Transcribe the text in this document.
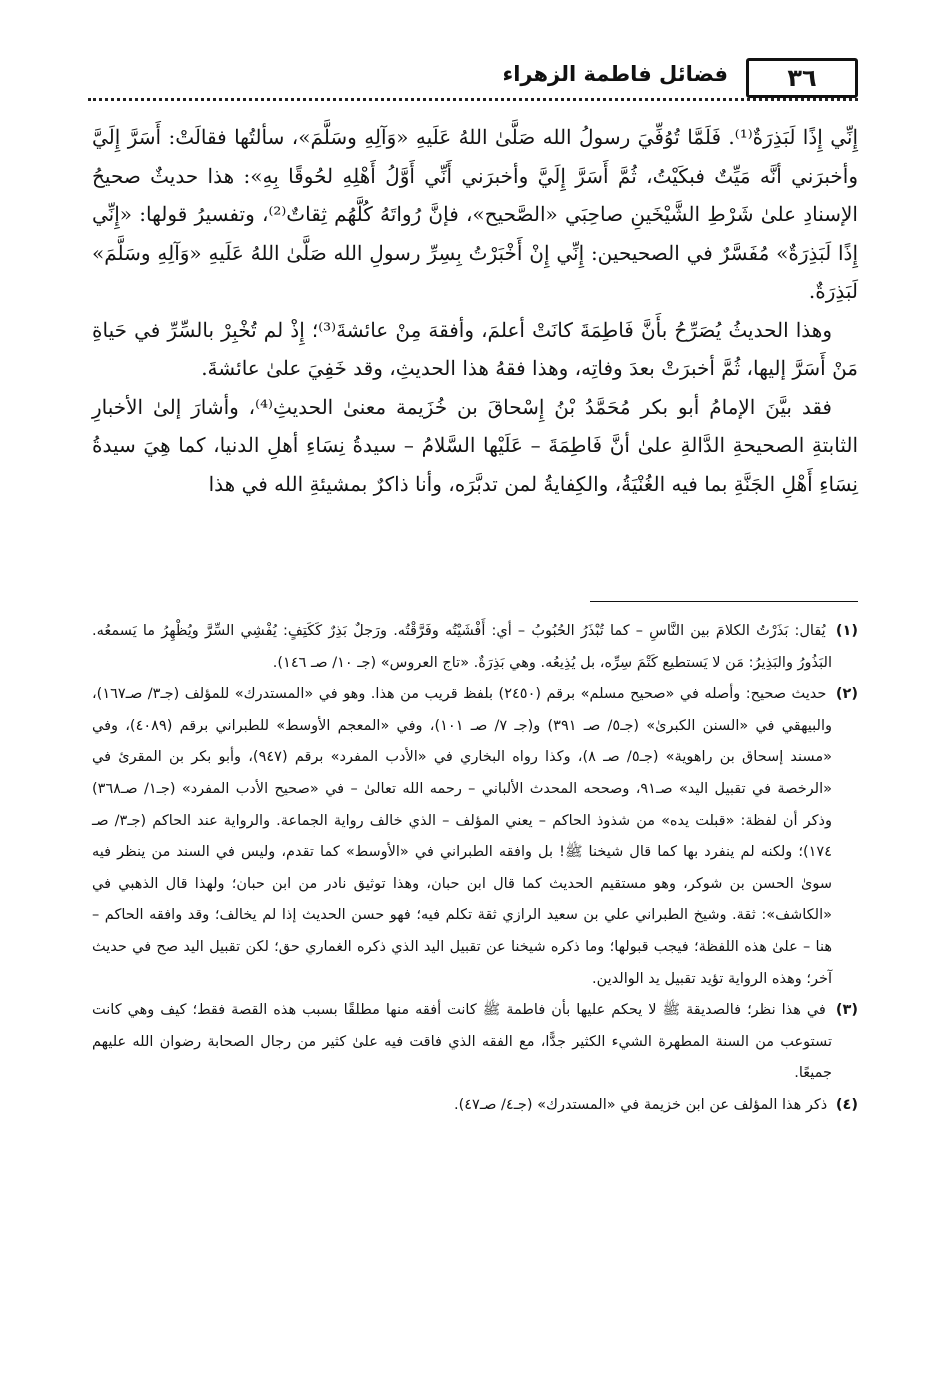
٣٦
فضائل فاطمة الزهراء

إِنِّي إِذًا لَبَذِرَةٌ⁽¹⁾. فَلَمَّا تُوُفِّيَ رسولُ الله صَلَّىٰ اللهُ عَلَيهِ «وَآلِهِ وسَلَّمَ»، سألتُها فقالَتْ: أَسَرَّ إِلَيَّ وأخبرَني أنَّه مَيِّتٌ فبكَيْتُ، ثُمَّ أَسَرَّ إِلَيَّ وأخبرَني أَنِّي أَوَّلُ أَهْلِهِ لحُوقًا بِهِ»: هذا حديثٌ صحيحُ الإسنادِ علىٰ شَرْطِ الشَّيْخَينِ صاحِبَي «الصَّحيح»، فإنَّ رُواتَهُ كُلَّهُم ثِقاتٌ⁽²⁾، وتفسيرُ قولها: «إِنِّي إِذًا لَبَذِرَةٌ» مُفَسَّرٌ في الصحيحين: إِنِّي إِنْ أَخْبَرْتُ بِسِرِّ رسولِ الله صَلَّىٰ اللهُ عَلَيهِ «وَآلِهِ وسَلَّمَ» لَبَذِرَةٌ.

وهذا الحديثُ يُصَرِّحُ بأَنَّ فَاطِمَةَ كانَتْ أعلمَ، وأفقهَ مِنْ عائشةَ⁽³⁾؛ إِذْ لم تُخْبِرْ بالسِّرِّ في حَياةِ مَنْ أَسَرَّ إليها، ثُمَّ أخبرَتْ بعدَ وفاتِه، وهذا فقهُ هذا الحديثِ، وقد خَفِيَ علىٰ عائشةَ.

فقد بيَّنَ الإمامُ أبو بكر مُحَمَّدُ بْنُ إِسْحاقَ بن خُزَيمة معنىٰ الحديثِ⁽⁴⁾، وأشارَ إلىٰ الأخبارِ الثابتةِ الصحيحةِ الدَّالةِ علىٰ أنَّ فَاطِمَةَ – عَلَيْها السَّلامُ – سيدةُ نِسَاءِ أهلِ الدنيا، كما هِيَ سيدةُ نِسَاءِ أَهْلِ الجَنَّةِ بما فيه الغُنْيَةُ، والكِفايةُ لمن تدبَّرَه، وأنا ذاكرٌ بمشيئةِ الله في هذا

(١) يُقال: بَذَرْتُ الكلامَ بين النَّاسِ – كما تُبْذَرُ الحُبُوبُ – أي: أَفْشَيْتُه وفَرَّقْتُه. ورَجلٌ بَذِرٌ كَكَتِفٍ: يُفْشِي السِّرَّ ويُظْهِرُ ما يَسمعُه. البَذُورُ والبَذِيرُ: مَن لا يَستطيع كَتْمَ سِرِّه، بل يُذِيعُه. وهي بَذِرَةٌ. «تاج العروس» (جـ ١٠/ صـ ١٤٦).

(٢) حديث صحيح: وأصله في «صحيح مسلم» برقم (٢٤٥٠) بلفظ قريب من هذا. وهو في «المستدرك» للمؤلف (جـ٣/ صـ١٦٧)، والبيهقي في «السنن الكبرىٰ» (جـ٥/ صـ ٣٩١) و(جـ ٧/ صـ ١٠١)، وفي «المعجم الأوسط» للطبراني برقم (٤٠٨٩)، وفي «مسند إسحاق بن راهوية» (جـ٥/ صـ ٨)، وكذا رواه البخاري في «الأدب المفرد» برقم (٩٤٧)، وأبو بكر بن المقرئ في «الرخصة في تقبيل اليد» صـ٩١، وصححه المحدث الألباني – رحمه الله تعالىٰ – في «صحيح الأدب المفرد» (جـ١/ صـ٣٦٨) وذكر أن لفظة: «قبلت يده» من شذوذ الحاكم – يعني المؤلف – الذي خالف رواية الجماعة. والرواية عند الحاكم (جـ٣/ صـ ١٧٤)؛ ولكنه لم ينفرد بها كما قال شيخنا ﷺ! بل وافقه الطبراني في «الأوسط» كما تقدم، وليس في السند من ينظر فيه سوىٰ الحسن بن شوكر، وهو مستقيم الحديث كما قال ابن حبان، وهذا توثيق نادر من ابن حبان؛ ولهذا قال الذهبي في «الكاشف»: ثقة. وشيخ الطبراني علي بن سعيد الرازي ثقة تكلم فيه؛ فهو حسن الحديث إذا لم يخالف؛ وقد وافقه الحاكم – هنا – علىٰ هذه اللفظة؛ فيجب قبولها؛ وما ذكره شيخنا عن تقبيل اليد الذي ذكره الغماري حق؛ لكن تقبيل اليد صح في حديث آخر؛ وهذه الرواية تؤيد تقبيل يد الوالدين.

(٣) في هذا نظر؛ فالصديقة ﷺ لا يحكم عليها بأن فاطمة ﷺ كانت أفقه منها مطلقًا بسبب هذه القصة فقط؛ كيف وهي كانت تستوعب من السنة المطهرة الشيء الكثير جدًّا، مع الفقه الذي فاقت فيه علىٰ كثير من رجال الصحابة رضوان الله عليهم جميعًا.

(٤) ذكر هذا المؤلف عن ابن خزيمة في «المستدرك» (جـ٤/ صـ٤٧).
